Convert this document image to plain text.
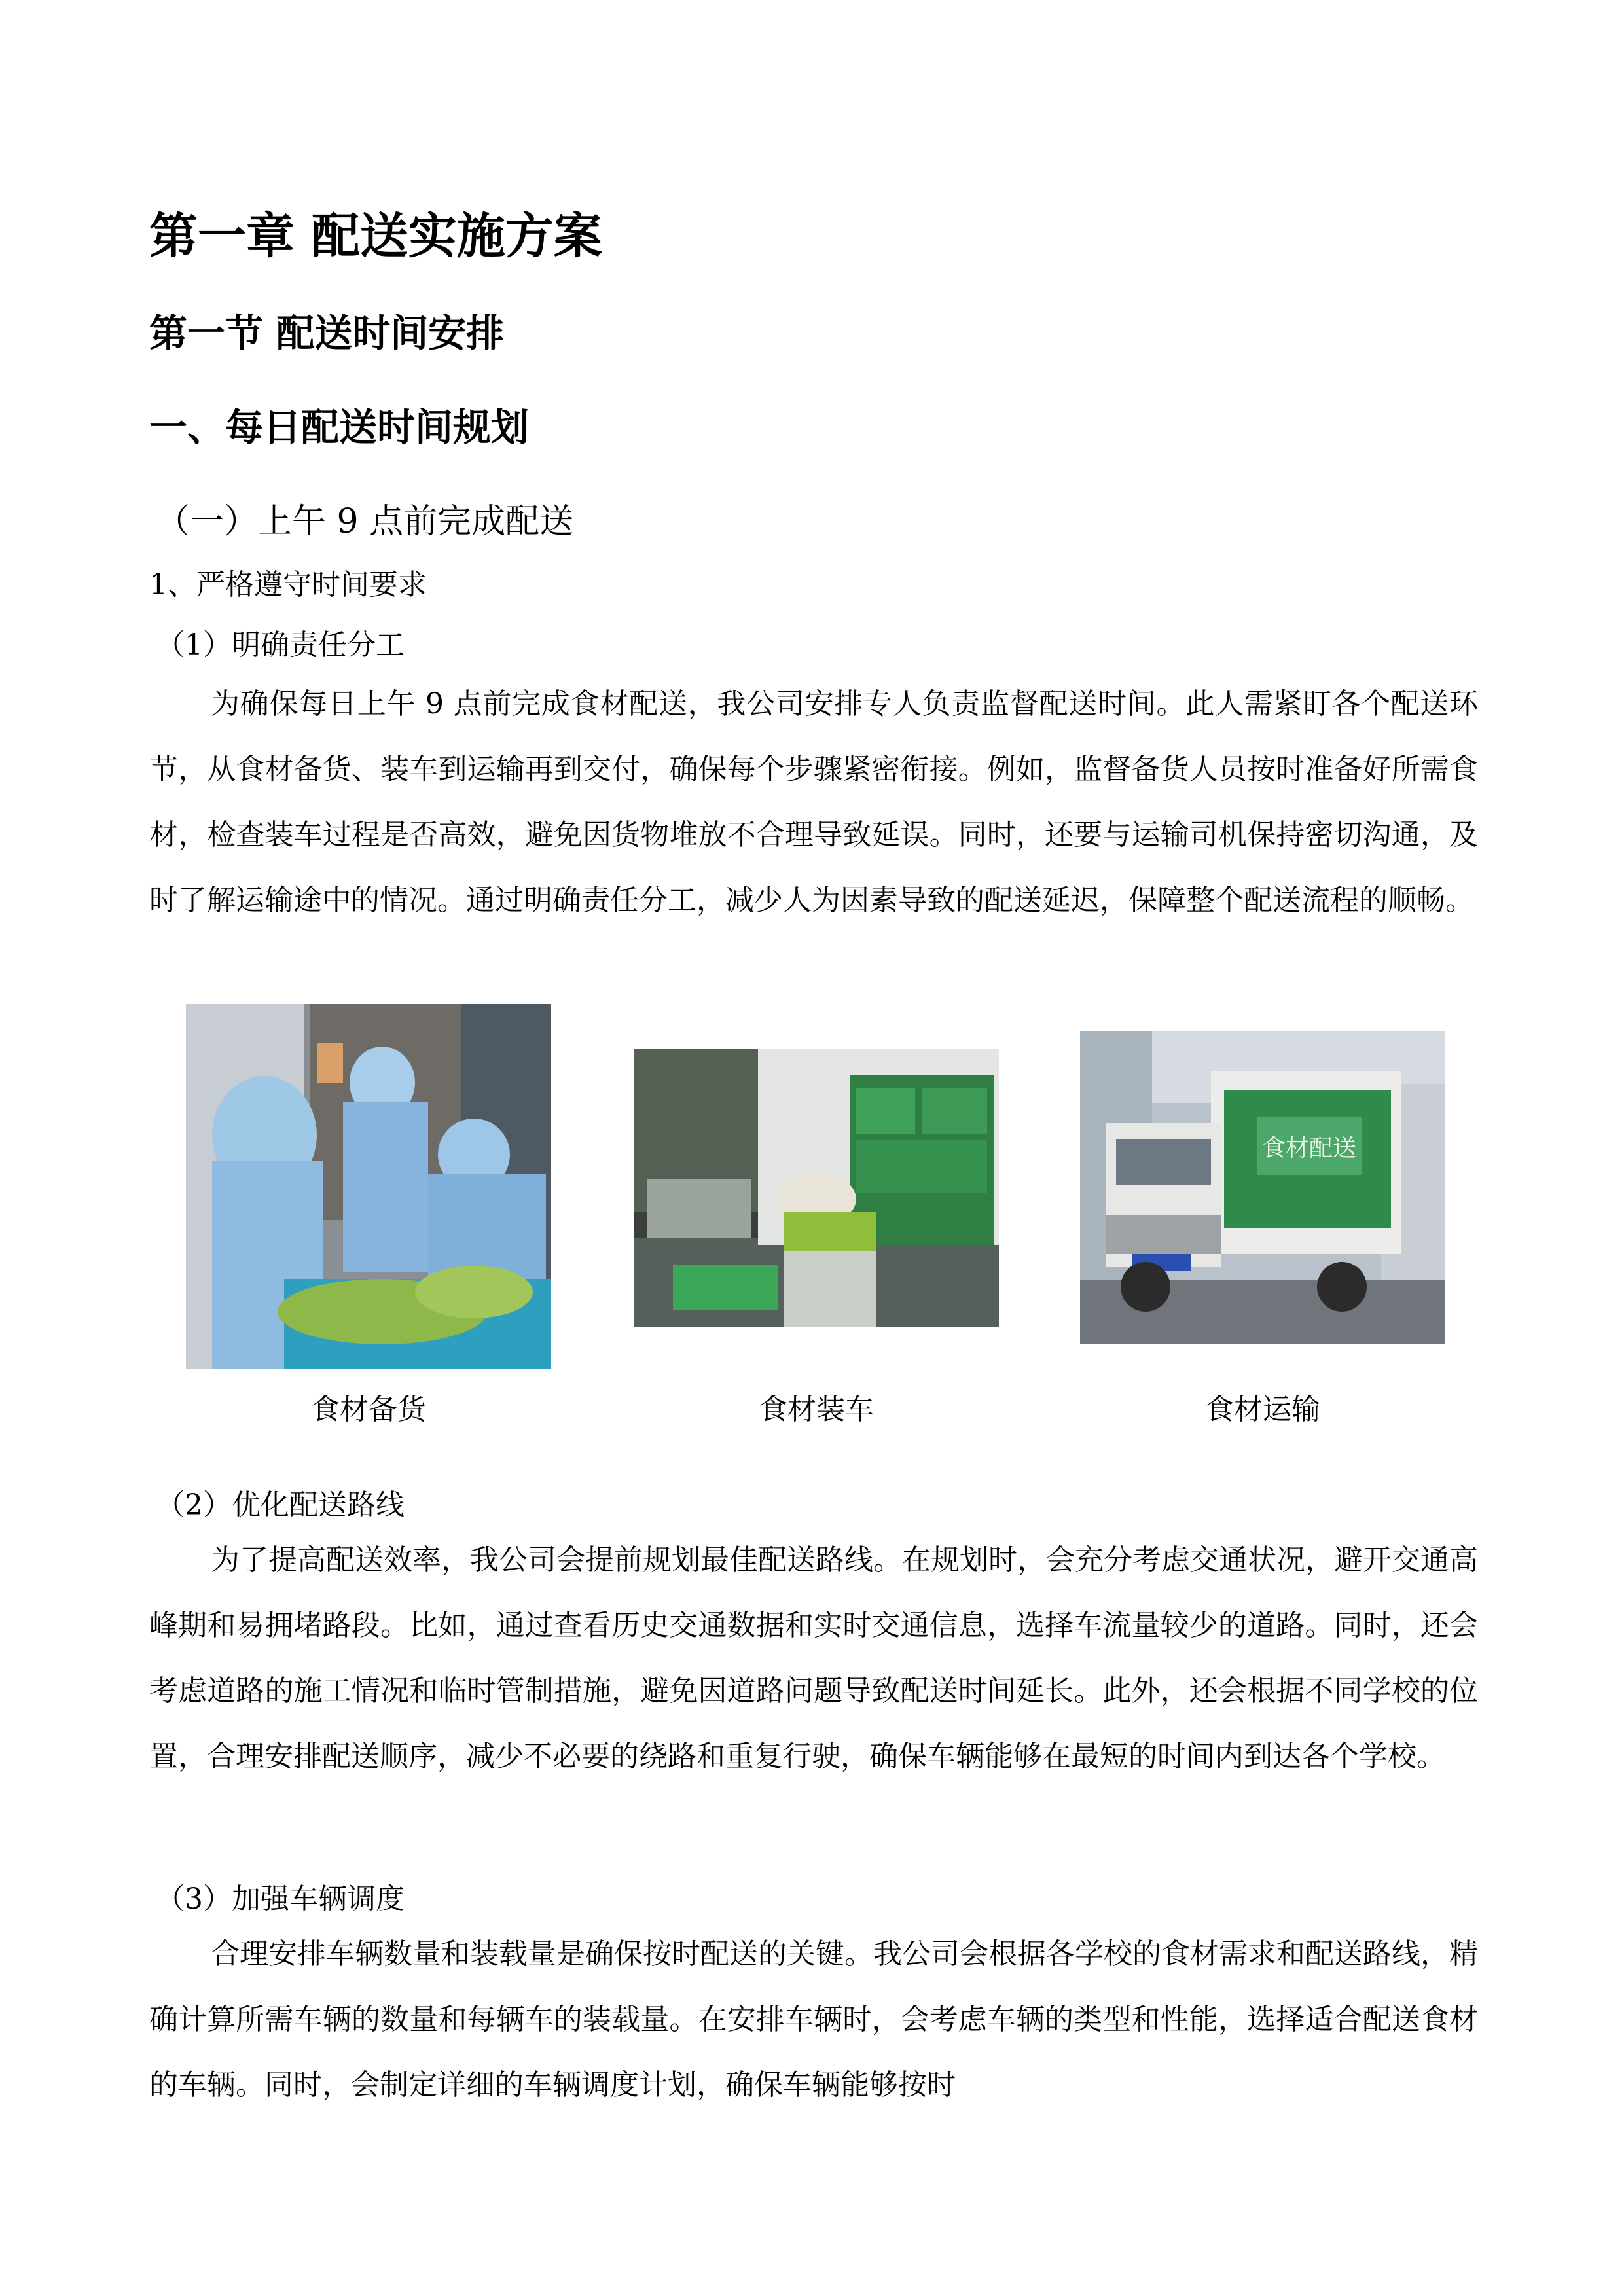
第一章 配送实施方案
第一节 配送时间安排
一、每日配送时间规划
（一）上午 9 点前完成配送
1、严格遵守时间要求
（1）明确责任分工

为确保每日上午 9 点前完成食材配送，我公司安排专人负责监督配送时间。此人需紧盯各个配送环节，从食材备货、装车到运输再到交付，确保每个步骤紧密衔接。例如，监督备货人员按时准备好所需食材，检查装车过程是否高效，避免因货物堆放不合理导致延误。同时，还要与运输司机保持密切沟通，及时了解运输途中的情况。通过明确责任分工，减少人为因素导致的配送延迟，保障整个配送流程的顺畅。

食材备货	食材装车
食材配送
食材运输
（2）优化配送路线

为了提高配送效率，我公司会提前规划最佳配送路线。在规划时，会充分考虑交通状况，避开交通高峰期和易拥堵路段。比如，通过查看历史交通数据和实时交通信息，选择车流量较少的道路。同时，还会考虑道路的施工情况和临时管制措施，避免因道路问题导致配送时间延长。此外，还会根据不同学校的位置，合理安排配送顺序，减少不必要的绕路和重复行驶，确保车辆能够在最短的时间内到达各个学校。

（3）加强车辆调度

合理安排车辆数量和装载量是确保按时配送的关键。我公司会根据各学校的食材需求和配送路线，精确计算所需车辆的数量和每辆车的装载量。在安排车辆时，会考虑车辆的类型和性能，选择适合配送食材的车辆。同时，会制定详细的车辆调度计划，确保车辆能够按时
